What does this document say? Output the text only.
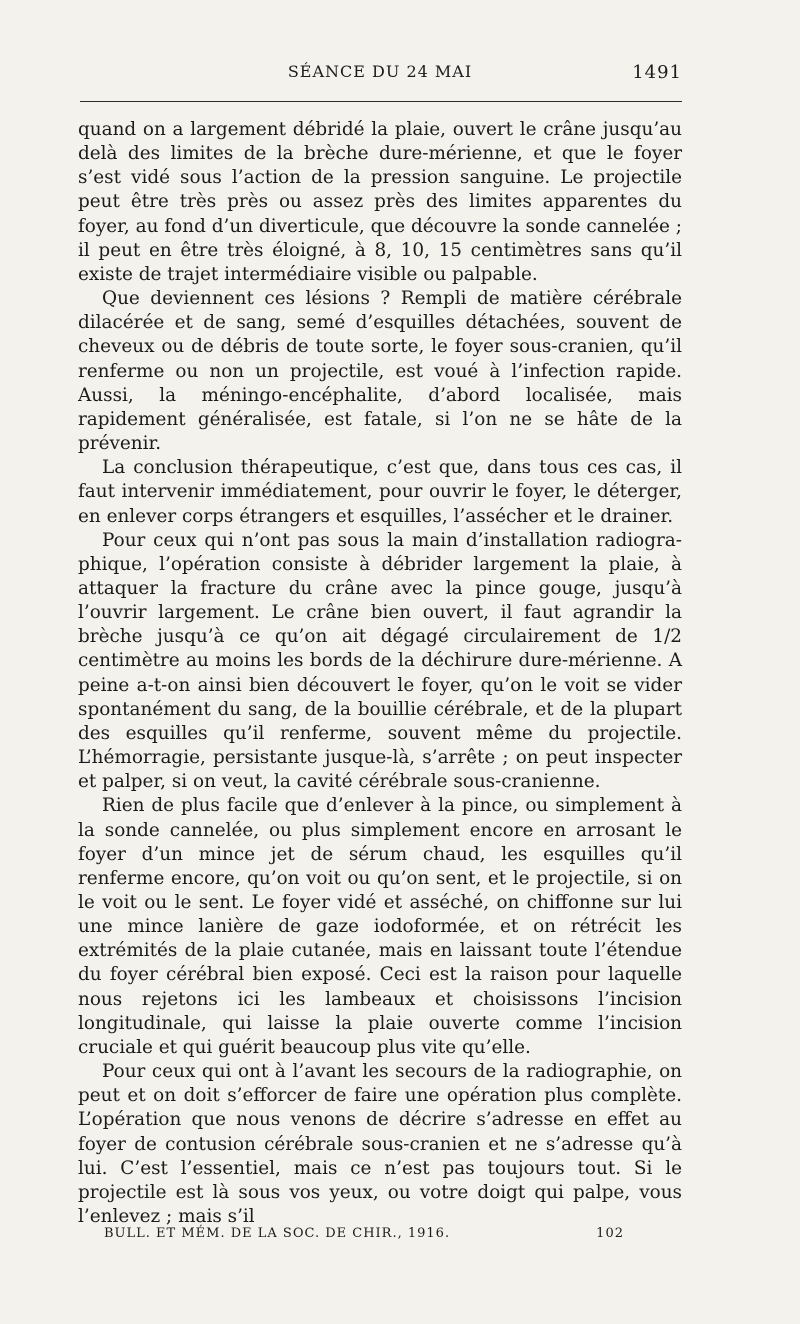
SÉANCE DU 24 MAI	1491

quand on a largement débridé la plaie, ouvert le crâne jusqu’au delà des limites de la brèche dure-mérienne, et que le foyer s’est vidé sous l’action de la pression sanguine. Le projectile peut être très près ou assez près des limites apparentes du foyer, au fond d’un diverticule, que découvre la sonde cannelée ; il peut en être très éloigné, à 8, 10, 15 centimètres sans qu’il existe de trajet intermédiaire visible ou palpable.

Que deviennent ces lésions ? Rempli de matière cérébrale dilacérée et de sang, semé d’esquilles détachées, souvent de cheveux ou de débris de toute sorte, le foyer sous-cranien, qu’il renferme ou non un projectile, est voué à l’infection rapide. Aussi, la méningo-encéphalite, d’abord localisée, mais rapidement généralisée, est fatale, si l’on ne se hâte de la prévenir.

La conclusion thérapeutique, c’est que, dans tous ces cas, il faut intervenir immédiatement, pour ouvrir le foyer, le déterger, en enlever corps étrangers et esquilles, l’assécher et le drainer.

Pour ceux qui n’ont pas sous la main d’installation radiographique, l’opération consiste à débrider largement la plaie, à attaquer la fracture du crâne avec la pince gouge, jusqu’à l’ouvrir largement. Le crâne bien ouvert, il faut agrandir la brèche jusqu’à ce qu’on ait dégagé circulairement de 1/2 centimètre au moins les bords de la déchirure dure-mérienne. A peine a-t-on ainsi bien découvert le foyer, qu’on le voit se vider spontanément du sang, de la bouillie cérébrale, et de la plupart des esquilles qu’il renferme, souvent même du projectile. L’hémorragie, persistante jusque-là, s’arrête ; on peut inspecter et palper, si on veut, la cavité cérébrale sous-cranienne.

Rien de plus facile que d’enlever à la pince, ou simplement à la sonde cannelée, ou plus simplement encore en arrosant le foyer d’un mince jet de sérum chaud, les esquilles qu’il renferme encore, qu’on voit ou qu’on sent, et le projectile, si on le voit ou le sent. Le foyer vidé et asséché, on chiffonne sur lui une mince lanière de gaze iodoformée, et on rétrécit les extrémités de la plaie cutanée, mais en laissant toute l’étendue du foyer cérébral bien exposé. Ceci est la raison pour laquelle nous rejetons ici les lambeaux et choisissons l’incision longitudinale, qui laisse la plaie ouverte comme l’incision cruciale et qui guérit beaucoup plus vite qu’elle.

Pour ceux qui ont à l’avant les secours de la radiographie, on peut et on doit s’efforcer de faire une opération plus complète. L’opération que nous venons de décrire s’adresse en effet au foyer de contusion cérébrale sous-cranien et ne s’adresse qu’à lui. C’est l’essentiel, mais ce n’est pas toujours tout. Si le projectile est là sous vos yeux, ou votre doigt qui palpe, vous l’enlevez ; mais s’il

BULL. ET MÉM. DE LA SOC. DE CHIR., 1916.	102
